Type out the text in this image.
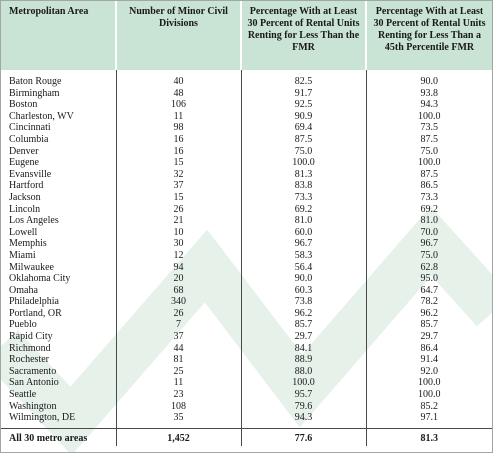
Metropolitan Area	Number of Minor Civil Divisions	Percentage With at Least 30 Percent of Rental Units Renting for Less Than the FMR	Percentage With at Least 30 Percent of Rental Units Renting for Less Than a 45th Percentile FMR
Baton Rouge	40	82.5	90.0
Birmingham	48	91.7	93.8
Boston	106	92.5	94.3
Charleston, WV	11	90.9	100.0
Cincinnati	98	69.4	73.5
Columbia	16	87.5	87.5
Denver	16	75.0	75.0
Eugene	15	100.0	100.0
Evansville	32	81.3	87.5
Hartford	37	83.8	86.5
Jackson	15	73.3	73.3
Lincoln	26	69.2	69.2
Los Angeles	21	81.0	81.0
Lowell	10	60.0	70.0
Memphis	30	96.7	96.7
Miami	12	58.3	75.0
Milwaukee	94	56.4	62.8
Oklahoma City	20	90.0	95.0
Omaha	68	60.3	64.7
Philadelphia	340	73.8	78.2
Portland, OR	26	96.2	96.2
Pueblo	7	85.7	85.7
Rapid City	37	29.7	29.7
Richmond	44	84.1	86.4
Rochester	81	88.9	91.4
Sacramento	25	88.0	92.0
San Antonio	11	100.0	100.0
Seattle	23	95.7	100.0
Washington	108	79.6	85.2
Wilmington, DE	35	94.3	97.1
All 30 metro areas	1,452	77.6	81.3
